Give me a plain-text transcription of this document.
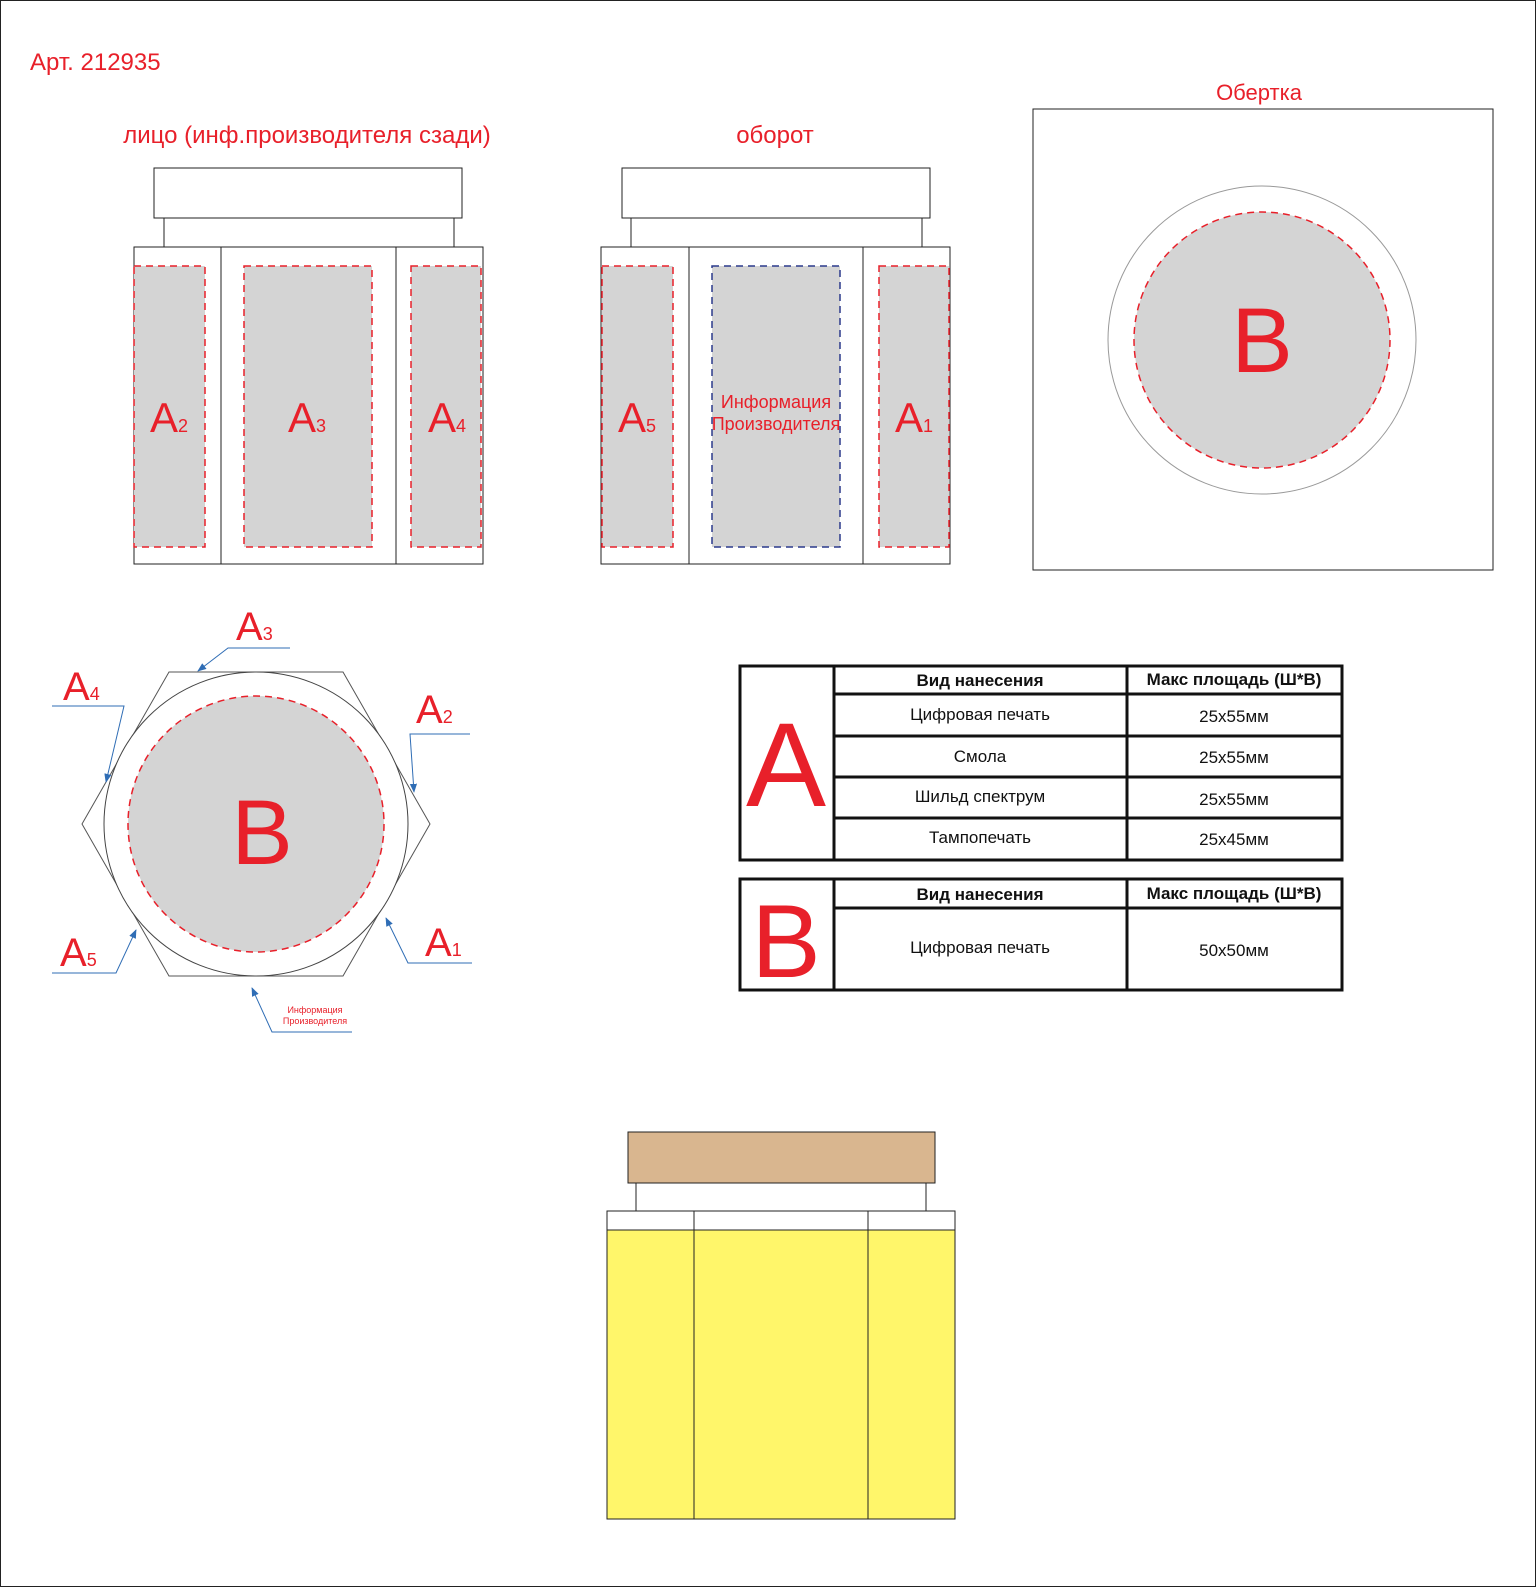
Арт. 212935
лицо (инф.производителя сзади)
A2 A3 A4
оборот
A5	A1
Информация
Производителя
Обертка
B
B
A3
A4	A2
A5	A1
Информация
Производителя
A
Вид нанесения	Макс площадь (Ш*В)
Цифровая печать	25х55мм
Смола	25х55мм
Шильд спектрум	25х55мм
Тампопечать	25х45мм
B	Вид нанесения	Макс площадь (Ш*В)
Цифровая печать	50х50мм
